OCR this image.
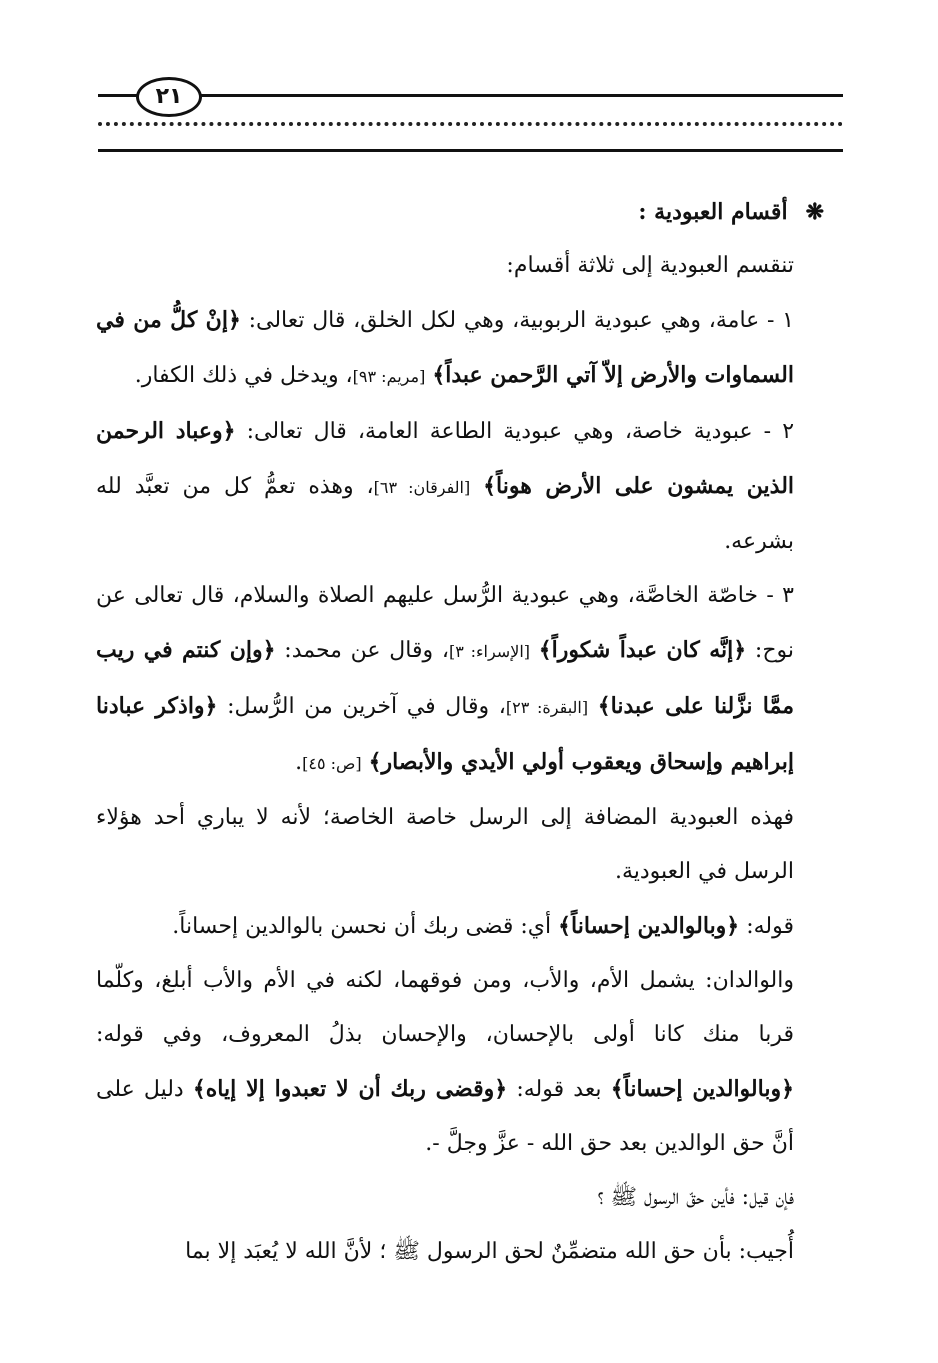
٢١

❋أقسام العبودية :

تنقسم العبودية إلى ثلاثة أقسام:

١ - عامة، وهي عبودية الربوبية، وهي لكل الخلق، قال تعالى: ﴿إنْ كلُّ من في السماوات والأرض إلاّ آتي الرَّحمن عبداً﴾ [مريم: ٩٣]، ويدخل في ذلك الكفار.

٢ - عبودية خاصة، وهي عبودية الطاعة العامة، قال تعالى: ﴿وعباد الرحمن الذين يمشون على الأرض هوناً﴾ [الفرقان: ٦٣]، وهذه تعمُّ كل من تعبَّد لله بشرعه.

٣ - خاصّة الخاصَّة، وهي عبودية الرُّسل عليهم الصلاة والسلام، قال تعالى عن نوح: ﴿إنَّه كان عبداً شكوراً﴾ [الإسراء: ٣]، وقال عن محمد: ﴿وإن كنتم في ريب ممَّا نزَّلنا على عبدنا﴾ [البقرة: ٢٣]، وقال في آخرين من الرُّسل: ﴿واذكر عبادنا إبراهيم وإسحاق ويعقوب أولي الأيدي والأبصار﴾ [ص: ٤٥].

فهذه العبودية المضافة إلى الرسل خاصة الخاصة؛ لأنه لا يباري أحد هؤلاء الرسل في العبودية.

قوله: ﴿وبالوالدين إحساناً﴾ أي: قضى ربك أن نحسن بالوالدين إحساناً.

والوالدان: يشمل الأم، والأب، ومن فوقهما، لكنه في الأم والأب أبلغ، وكلّما قربا منك كانا أولى بالإحسان، والإحسان بذلُ المعروف، وفي قوله: ﴿وبالوالدين إحساناً﴾ بعد قوله: ﴿وقضى ربك أن لا تعبدوا إلا إياه﴾ دليل على أنَّ حق الوالدين بعد حق الله - عزَّ وجلَّ -.

فإن قيل: فأين حقّ الرسول ﷺ ؟

أُجيب: بأن حق الله متضمِّنٌ لحق الرسول ﷺ ؛ لأنَّ الله لا يُعبَد إلا بما
